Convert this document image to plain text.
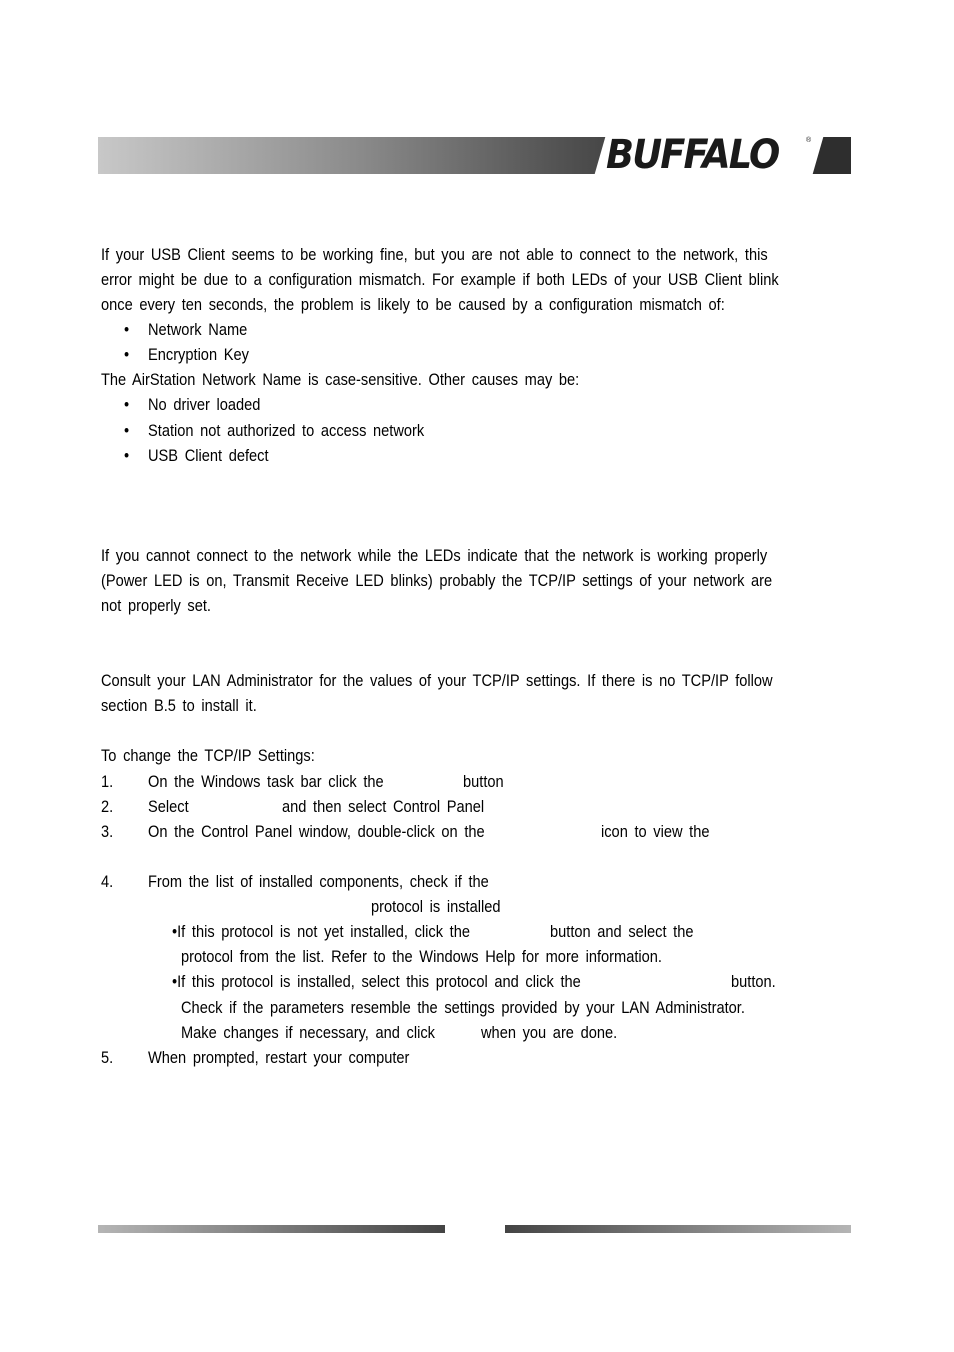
BUFFALO	®
If your USB Client seems to be working fine, but you are not able to connect to the network, this
error might be due to a configuration mismatch. For example if both LEDs of your USB Client blink
once every ten seconds, the problem is likely to be caused by a configuration mismatch of:
• Network Name
• Encryption Key
The AirStation Network Name is case-sensitive. Other causes may be:
• No driver loaded
• Station not authorized to access network
• USB Client defect
If you cannot connect to the network while the LEDs indicate that the network is working properly
(Power LED is on, Transmit Receive LED blinks) probably the TCP/IP settings of your network are
not properly set.
Consult your LAN Administrator for the values of your TCP/IP settings. If there is no TCP/IP follow
section B.5 to install it.
To change the TCP/IP Settings:
1. On the Windows task bar click the	button
2. Select	and then select Control Panel
3. On the Control Panel window, double-click on the	icon to view the
4. From the list of installed components, check if the
protocol is installed
•If this protocol is not yet installed, click the	button and select the
protocol from the list. Refer to the Windows Help for more information.
•If this protocol is installed, select this protocol and click the	button.
Check if the parameters resemble the settings provided by your LAN Administrator.
Make changes if necessary, and click	when you are done.
5. When prompted, restart your computer
